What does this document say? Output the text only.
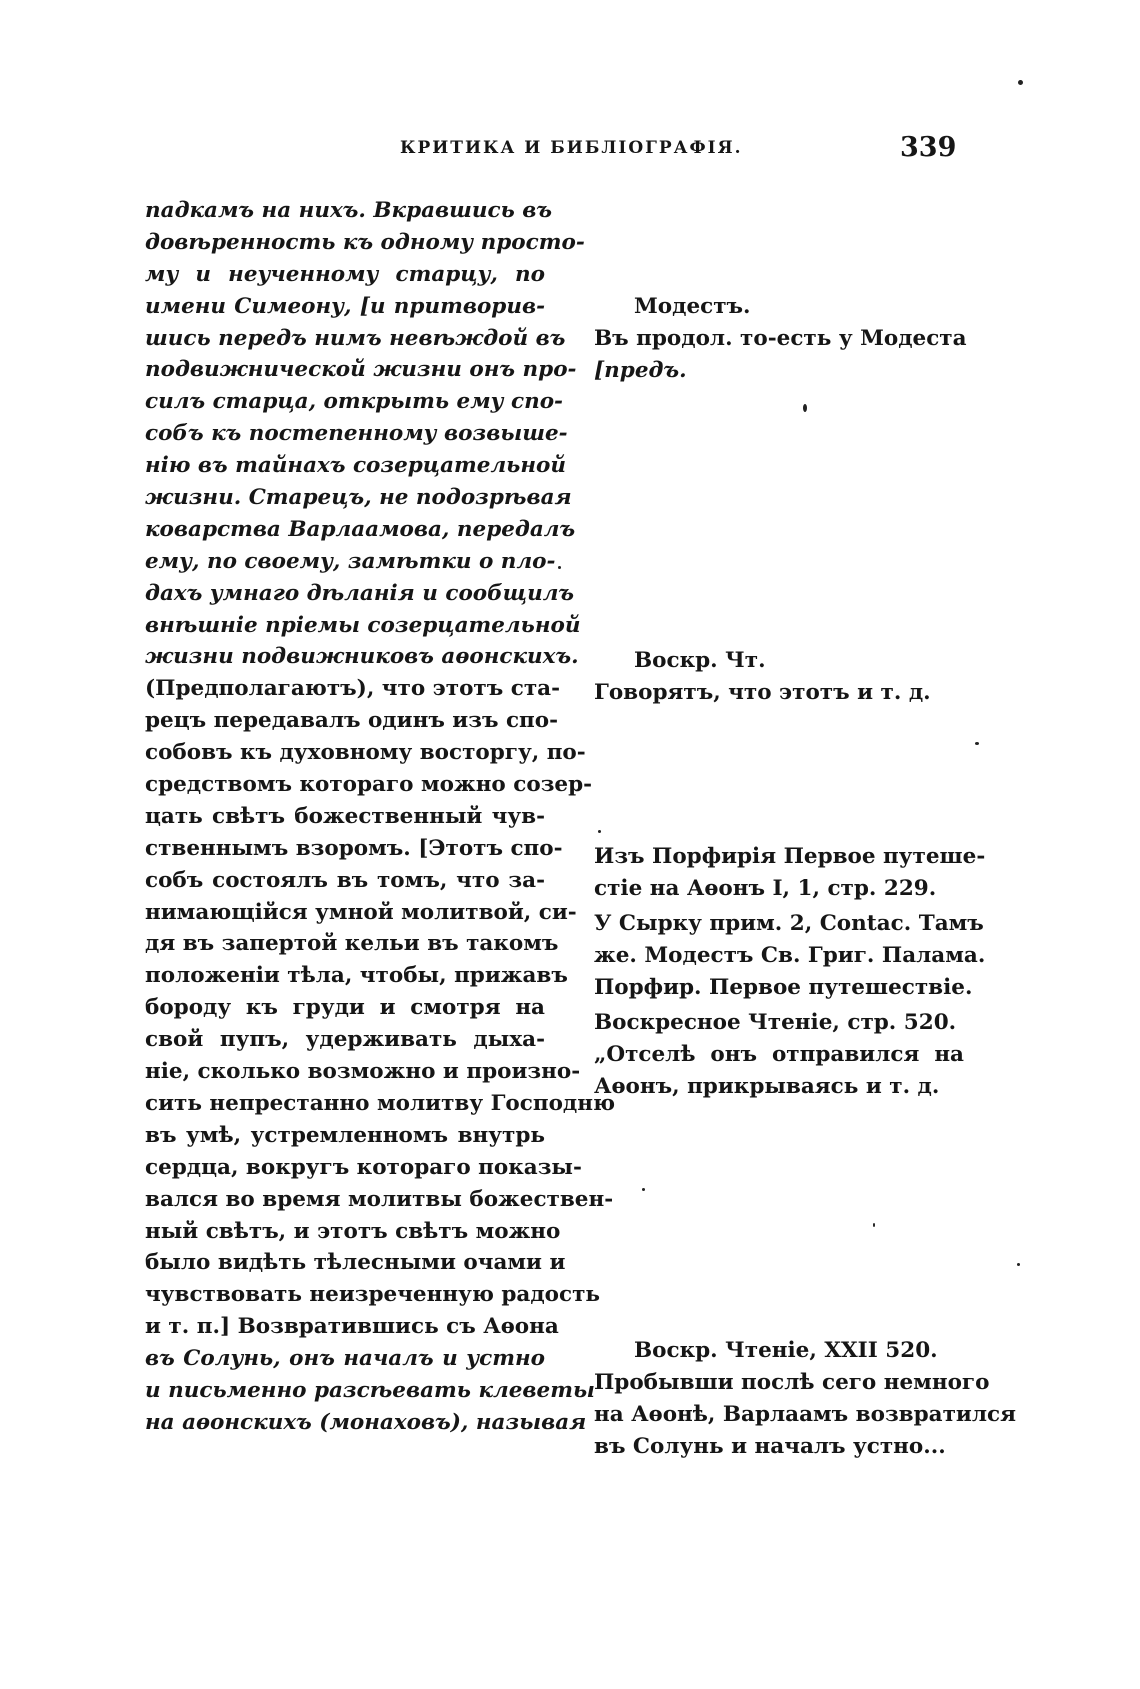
КРИТИКА И БИБЛІОГРАФІЯ.	339
падкамъ на нихъ. Вкравшись въ
довѣренность къ одному просто-
му и неученному старцу, по
имени Симеону, [и притворив-
шись передъ нимъ невѣждой въ
подвижнической жизни онъ про-
силъ старца, открыть ему спо-
собъ къ постепенному возвыше-
нію въ тайнахъ созерцательной
жизни. Старецъ, не подозрѣвая
коварства Варлаамова, передалъ
ему, по своему, замѣтки о пло-
дахъ умнаго дѣланія и сообщилъ
внѣшніе пріемы созерцательной
жизни подвижниковъ аѳонскихъ.
(Предполагаютъ), что этотъ ста-
рецъ передавалъ одинъ изъ спо-
собовъ къ духовному восторгу, по-
средствомъ котораго можно созер-
цать свѣтъ божественный чув-
ственнымъ взоромъ. [Этотъ спо-
собъ состоялъ въ томъ, что за-
нимающійся умной молитвой, си-
дя въ запертой кельи въ такомъ
положеніи тѣла, чтобы, прижавъ
бороду къ груди и смотря на
свой пупъ, удерживать дыха-
ніе, сколько возможно и произно-
сить непрестанно молитву Господню
въ умѣ, устремленномъ внутрь
сердца, вокругъ котораго показы-
вался во время молитвы божествен-
ный свѣтъ, и этотъ свѣтъ можно
было видѣть тѣлесными очами и
чувствовать неизреченную радость
и т. п.] Возвратившись съ Аѳона
въ Солунь, онъ началъ и устно
и письменно разсѣевать клеветы
на аѳонскихъ (монаховъ), называя
Модестъ.
Въ продол. то-есть у Модеста
[предъ.
Воскр. Чт.
Говорятъ, что этотъ и т. д.
Изъ Порфирія Первое путеше-
стіе на Аѳонъ I, 1, стр. 229.
У Сырку прим. 2, Contac. Тамъ
же. Модестъ Св. Григ. Палама.
Порфир. Первое путешествіе.
Воскресное Чтеніе, стр. 520.
„Отселѣ онъ отправился на
Аѳонъ, прикрываясь и т. д.
Воскр. Чтеніе, XXII 520.
Пробывши послѣ сего немного
на Аѳонѣ, Варлаамъ возвратился
въ Солунь и началъ устно...
